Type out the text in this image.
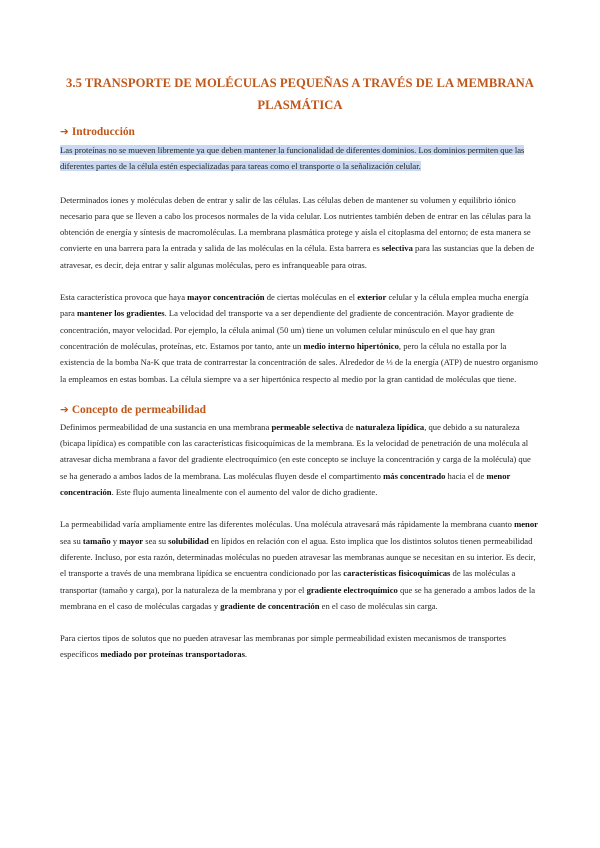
3.5 TRANSPORTE DE MOLÉCULAS PEQUEÑAS A TRAVÉS DE LA MEMBRANA PLASMÁTICA
➔ Introducción

Las proteínas no se mueven libremente ya que deben mantener la funcionalidad de diferentes dominios. Los dominios permiten que las diferentes partes de la célula estén especializadas para tareas como el transporte o la señalización celular.

Determinados iones y moléculas deben de entrar y salir de las células. Las células deben de mantener su volumen y equilibrio iónico necesario para que se lleven a cabo los procesos normales de la vida celular. Los nutrientes también deben de entrar en las células para la obtención de energía y síntesis de macromoléculas. La membrana plasmática protege y aísla el citoplasma del entorno; de esta manera se convierte en una barrera para la entrada y salida de las moléculas en la célula. Esta barrera es selectiva para las sustancias que la deben de atravesar, es decir, deja entrar y salir algunas moléculas, pero es infranqueable para otras.

Esta característica provoca que haya mayor concentración de ciertas moléculas en el exterior celular y la célula emplea mucha energía para mantener los gradientes. La velocidad del transporte va a ser dependiente del gradiente de concentración. Mayor gradiente de concentración, mayor velocidad. Por ejemplo, la célula animal (50 um) tiene un volumen celular minúsculo en el que hay gran concentración de moléculas, proteínas, etc. Estamos por tanto, ante un medio interno hipertónico, pero la célula no estalla por la existencia de la bomba Na-K que trata de contrarrestar la concentración de sales. Alrededor de ⅓ de la energía (ATP) de nuestro organismo la empleamos en estas bombas. La célula siempre va a ser hipertónica respecto al medio por la gran cantidad de moléculas que tiene.

➔ Concepto de permeabilidad

Definimos permeabilidad de una sustancia en una membrana permeable selectiva de naturaleza lipídica, que debido a su naturaleza (bicapa lipídica) es compatible con las características fisicoquímicas de la membrana. Es la velocidad de penetración de una molécula al atravesar dicha membrana a favor del gradiente electroquímico (en este concepto se incluye la concentración y carga de la molécula) que se ha generado a ambos lados de la membrana. Las moléculas fluyen desde el compartimento más concentrado hacia el de menor concentración. Este flujo aumenta linealmente con el aumento del valor de dicho gradiente.

La permeabilidad varía ampliamente entre las diferentes moléculas. Una molécula atravesará más rápidamente la membrana cuanto menor sea su tamaño y mayor sea su solubilidad en lípidos en relación con el agua. Esto implica que los distintos solutos tienen permeabilidad diferente. Incluso, por esta razón, determinadas moléculas no pueden atravesar las membranas aunque se necesitan en su interior. Es decir, el transporte a través de una membrana lipídica se encuentra condicionado por las características fisicoquímicas de las moléculas a transportar (tamaño y carga), por la naturaleza de la membrana y por el gradiente electroquímico que se ha generado a ambos lados de la membrana en el caso de moléculas cargadas y gradiente de concentración en el caso de moléculas sin carga.

Para ciertos tipos de solutos que no pueden atravesar las membranas por simple permeabilidad existen mecanismos de transportes específicos mediado por proteínas transportadoras.
